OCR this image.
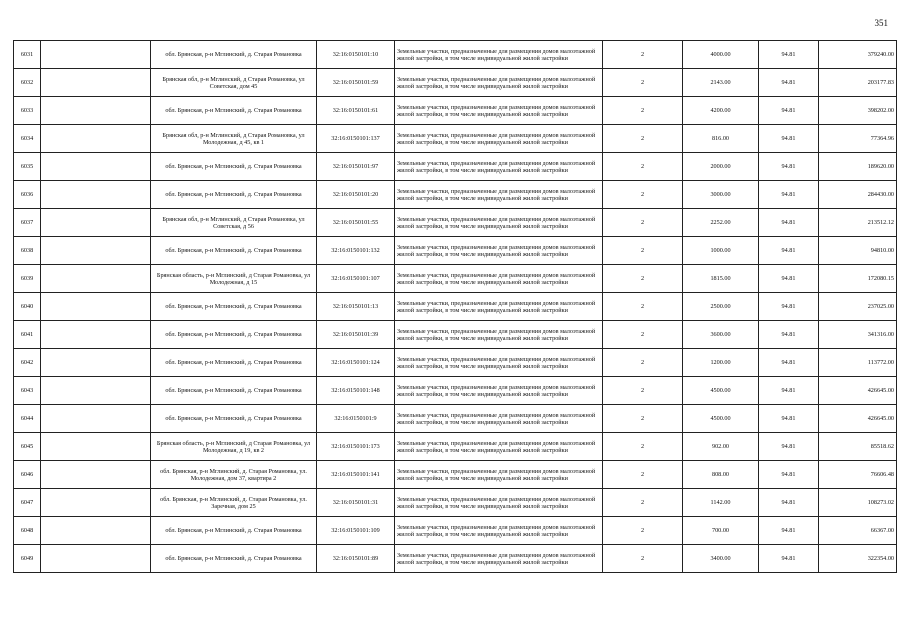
351
6031		обл. Брянская, р-н Мглинский, д. Старая Романовка	32:16:0150101:10	Земельные участки, предназначенные для размещения домов малоэтажной жилой застройки, в том числе индивидуальной жилой застройки	2	4000.00	94.81	379240.00
6032		Брянская обл, р-н Мглинский, д Старая Романовка, ул Советская, дом 45	32:16:0150101:59	Земельные участки, предназначенные для размещения домов малоэтажной жилой застройки, в том числе индивидуальной жилой застройки	2	2143.00	94.81	203177.83
6033		обл. Брянская, р-н Мглинский, д. Старая Романовка	32:16:0150101:61	Земельные участки, предназначенные для размещения домов малоэтажной жилой застройки, в том числе индивидуальной жилой застройки	2	4200.00	94.81	398202.00
6034		Брянская обл, р-н Мглинский, д Старая Романовка, ул Молодежная, д 45, кв 1	32:16:0150101:137	Земельные участки, предназначенные для размещения домов малоэтажной жилой застройки, в том числе индивидуальной жилой застройки	2	816.00	94.81	77364.96
6035		обл. Брянская, р-н Мглинский, д. Старая Романовка	32:16:0150101:97	Земельные участки, предназначенные для размещения домов малоэтажной жилой застройки, в том числе индивидуальной жилой застройки	2	2000.00	94.81	189620.00
6036		обл. Брянская, р-н Мглинский, д. Старая Романовка	32:16:0150101:20	Земельные участки, предназначенные для размещения домов малоэтажной жилой застройки, в том числе индивидуальной жилой застройки	2	3000.00	94.81	284430.00
6037		Брянская обл, р-н Мглинский, д Старая Романовка, ул Советская, д 56	32:16:0150101:55	Земельные участки, предназначенные для размещения домов малоэтажной жилой застройки, в том числе индивидуальной жилой застройки	2	2252.00	94.81	213512.12
6038		обл. Брянская, р-н Мглинский, д. Старая Романовка	32:16:0150101:132	Земельные участки, предназначенные для размещения домов малоэтажной жилой застройки, в том числе индивидуальной жилой застройки	2	1000.00	94.81	94810.00
6039		Брянская область, р-н Мглинский, д Старая Романовка, ул Молодежная, д 15	32:16:0150101:107	Земельные участки, предназначенные для размещения домов малоэтажной жилой застройки, в том числе индивидуальной жилой застройки	2	1815.00	94.81	172080.15
6040		обл. Брянская, р-н Мглинский, д. Старая Романовка	32:16:0150101:13	Земельные участки, предназначенные для размещения домов малоэтажной жилой застройки, в том числе индивидуальной жилой застройки	2	2500.00	94.81	237025.00
6041		обл. Брянская, р-н Мглинский, д. Старая Романовка	32:16:0150101:39	Земельные участки, предназначенные для размещения домов малоэтажной жилой застройки, в том числе индивидуальной жилой застройки	2	3600.00	94.81	341316.00
6042		обл. Брянская, р-н Мглинский, д. Старая Романовка	32:16:0150101:124	Земельные участки, предназначенные для размещения домов малоэтажной жилой застройки, в том числе индивидуальной жилой застройки	2	1200.00	94.81	113772.00
6043		обл. Брянская, р-н Мглинский, д. Старая Романовка	32:16:0150101:148	Земельные участки, предназначенные для размещения домов малоэтажной жилой застройки, в том числе индивидуальной жилой застройки	2	4500.00	94.81	426645.00
6044		обл. Брянская, р-н Мглинский, д. Старая Романовка	32:16:0150101:9	Земельные участки, предназначенные для размещения домов малоэтажной жилой застройки, в том числе индивидуальной жилой застройки	2	4500.00	94.81	426645.00
6045		Брянская область, р-н Мглинский, д Старая Романовка, ул Молодежная, д 19, кв 2	32:16:0150101:173	Земельные участки, предназначенные для размещения домов малоэтажной жилой застройки, в том числе индивидуальной жилой застройки	2	902.00	94.81	85518.62
6046		обл. Брянская, р-н Мглинский, д. Старая Романовка, ул. Молодежная, дом 37, квартира 2	32:16:0150101:141	Земельные участки, предназначенные для размещения домов малоэтажной жилой застройки, в том числе индивидуальной жилой застройки	2	808.00	94.81	76606.48
6047		обл. Брянская, р-н Мглинский, д. Старая Романовка, ул. Заречная, дом 25	32:16:0150101:31	Земельные участки, предназначенные для размещения домов малоэтажной жилой застройки, в том числе индивидуальной жилой застройки	2	1142.00	94.81	108273.02
6048		обл. Брянская, р-н Мглинский, д. Старая Романовка	32:16:0150101:109	Земельные участки, предназначенные для размещения домов малоэтажной жилой застройки, в том числе индивидуальной жилой застройки	2	700.00	94.81	66367.00
6049		обл. Брянская, р-н Мглинский, д. Старая Романовка	32:16:0150101:89	Земельные участки, предназначенные для размещения домов малоэтажной жилой застройки, в том числе индивидуальной жилой застройки	2	3400.00	94.81	322354.00
